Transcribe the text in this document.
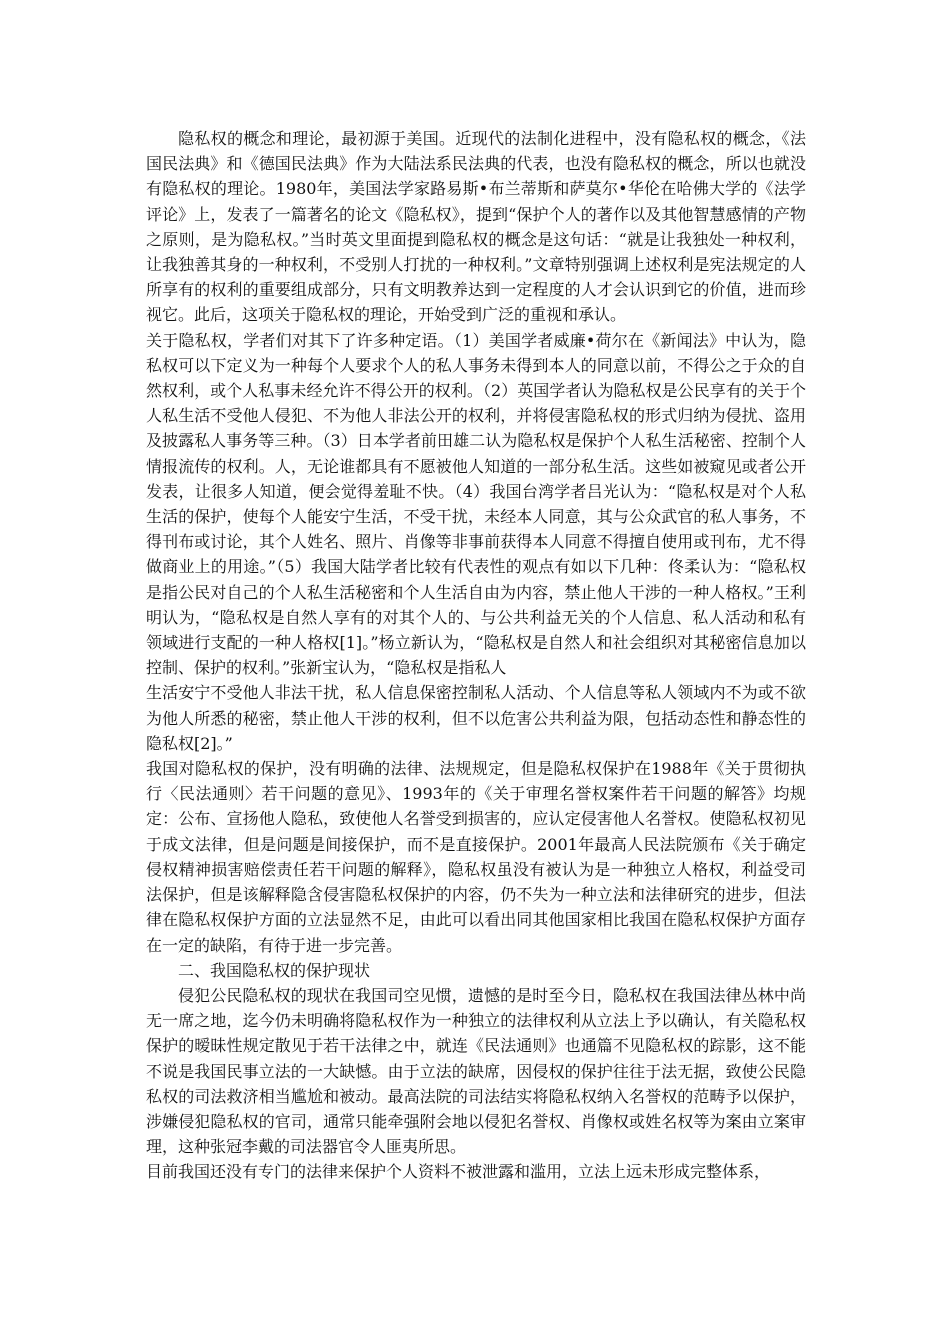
隐私权的概念和理论，最初源于美国。近现代的法制化进程中，没有隐私权的概念，《法国民法典》和《德国民法典》作为大陆法系民法典的代表，也没有隐私权的概念，所以也就没有隐私权的理论。1980年，美国法学家路易斯•布兰蒂斯和萨莫尔•华伦在哈佛大学的《法学评论》上，发表了一篇著名的论文《隐私权》，提到“保护个人的著作以及其他智慧感情的产物之原则，是为隐私权。”当时英文里面提到隐私权的概念是这句话：“就是让我独处一种权利，让我独善其身的一种权利，不受别人打扰的一种权利。”文章特别强调上述权利是宪法规定的人所享有的权利的重要组成部分，只有文明教养达到一定程度的人才会认识到它的价值，进而珍视它。此后，这项关于隐私权的理论，开始受到广泛的重视和承认。

关于隐私权，学者们对其下了许多种定语。（1）美国学者威廉•荷尔在《新闻法》中认为，隐私权可以下定义为一种每个人要求个人的私人事务未得到本人的同意以前，不得公之于众的自然权利，或个人私事未经允许不得公开的权利。（2）英国学者认为隐私权是公民享有的关于个人私生活不受他人侵犯、不为他人非法公开的权利，并将侵害隐私权的形式归纳为侵扰、盗用及披露私人事务等三种。（3）日本学者前田雄二认为隐私权是保护个人私生活秘密、控制个人情报流传的权利。人，无论谁都具有不愿被他人知道的一部分私生活。这些如被窥见或者公开发表，让很多人知道，便会觉得羞耻不快。（4）我国台湾学者吕光认为：“隐私权是对个人私生活的保护，使每个人能安宁生活，不受干扰，未经本人同意，其与公众武官的私人事务，不得刊布或讨论，其个人姓名、照片、肖像等非事前获得本人同意不得擅自使用或刊布，尤不得做商业上的用途。”（5）我国大陆学者比较有代表性的观点有如以下几种：佟柔认为：“隐私权是指公民对自己的个人私生活秘密和个人生活自由为内容，禁止他人干涉的一种人格权。”王利明认为，“隐私权是自然人享有的对其个人的、与公共利益无关的个人信息、私人活动和私有领域进行支配的一种人格权[1]。”杨立新认为，“隐私权是自然人和社会组织对其秘密信息加以控制、保护的权利。”张新宝认为，“隐私权是指私人

生活安宁不受他人非法干扰，私人信息保密控制私人活动、个人信息等私人领域内不为或不欲为他人所悉的秘密，禁止他人干涉的权利，但不以危害公共利益为限，包括动态性和静态性的隐私权[2]。”

我国对隐私权的保护，没有明确的法律、法规规定，但是隐私权保护在1988年《关于贯彻执行〈民法通则〉若干问题的意见》、1993年的《关于审理名誉权案件若干问题的解答》均规定：公布、宣扬他人隐私，致使他人名誉受到损害的，应认定侵害他人名誉权。使隐私权初见于成文法律，但是问题是间接保护，而不是直接保护。2001年最高人民法院颁布《关于确定侵权精神损害赔偿责任若干问题的解释》，隐私权虽没有被认为是一种独立人格权，利益受司法保护，但是该解释隐含侵害隐私权保护的内容，仍不失为一种立法和法律研究的进步，但法律在隐私权保护方面的立法显然不足，由此可以看出同其他国家相比我国在隐私权保护方面存在一定的缺陷，有待于进一步完善。

二、我国隐私权的保护现状

侵犯公民隐私权的现状在我国司空见惯，遗憾的是时至今日，隐私权在我国法律丛林中尚无一席之地，迄今仍未明确将隐私权作为一种独立的法律权利从立法上予以确认，有关隐私权保护的暧昧性规定散见于若干法律之中，就连《民法通则》也通篇不见隐私权的踪影，这不能不说是我国民事立法的一大缺憾。由于立法的缺席，因侵权的保护往往于法无据，致使公民隐私权的司法救济相当尴尬和被动。最高法院的司法结实将隐私权纳入名誉权的范畴予以保护，涉嫌侵犯隐私权的官司，通常只能牵强附会地以侵犯名誉权、肖像权或姓名权等为案由立案审理，这种张冠李戴的司法器官令人匪夷所思。

目前我国还没有专门的法律来保护个人资料不被泄露和滥用，立法上远未形成完整体系，
